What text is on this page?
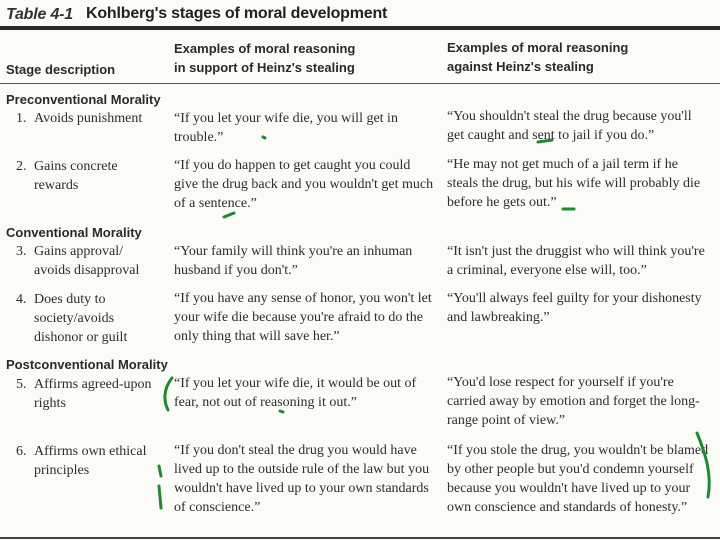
Table 4-1 Kohlberg's stages of moral development
Stage description
Examples of moral reasoning
in support of Heinz's stealing
Examples of moral reasoning
against Heinz's stealing
Preconventional Morality
1. Avoids punishment	“If you let your wife die, you will get in trouble.”
“You shouldn't steal the drug because you'll get caught and sent to jail if you do.”
2. Gains concrete rewards
“If you do happen to get caught you could give the drug back and you wouldn't get much of a sentence.”
“He may not get much of a jail term if he steals the drug, but his wife will probably die before he gets out.”
Conventional Morality
3. Gains approval/ avoids disapproval
“Your family will think you're an inhuman husband if you don't.”
“It isn't just the druggist who will think you're a criminal, everyone else will, too.”
4. Does duty to society/avoids dishonor or guilt
“If you have any sense of honor, you won't let your wife die because you're afraid to do the only thing that will save her.”
“You'll always feel guilty for your dishonesty and lawbreaking.”
Postconventional Morality
5. Affirms agreed-upon rights
“If you let your wife die, it would be out of fear, not out of reasoning it out.”
“You'd lose respect for yourself if you're carried away by emotion and forget the long-range point of view.”
6. Affirms own ethical principles
“If you don't steal the drug you would have lived up to the outside rule of the law but you wouldn't have lived up to your own standards of conscience.”
“If you stole the drug, you wouldn't be blamed by other people but you'd condemn yourself because you wouldn't have lived up to your own conscience and standards of honesty.”
